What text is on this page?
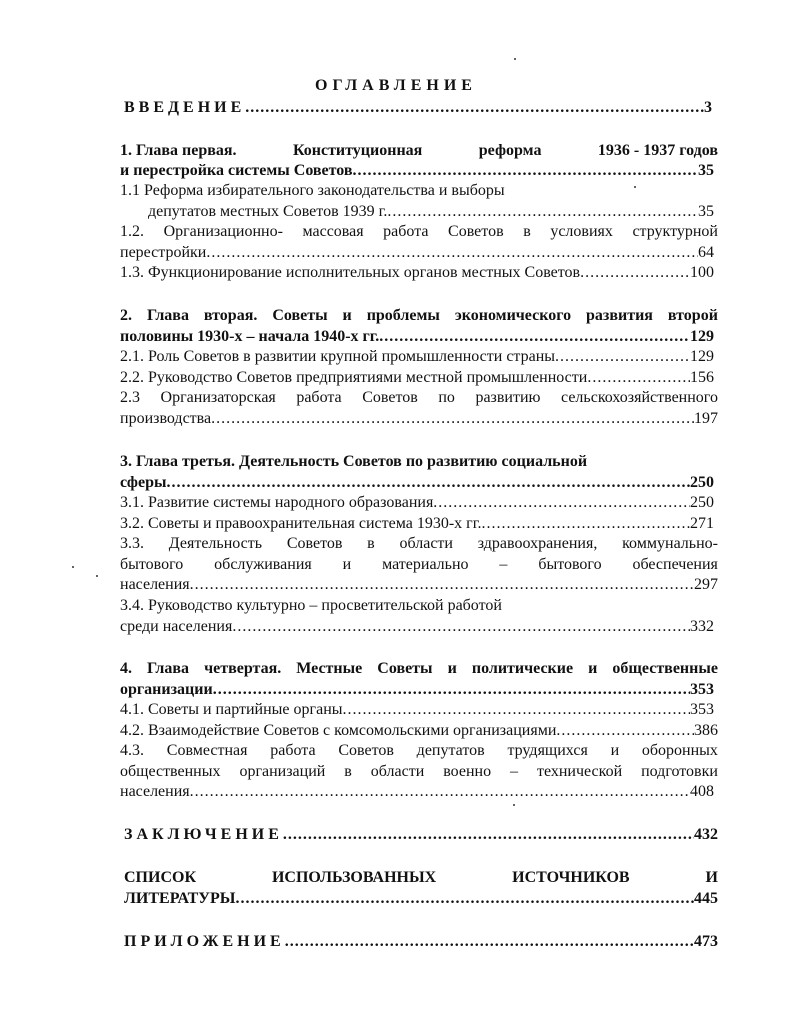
ОГЛАВЛЕНИЕ
ВВЕДЕНИЕ .....	3
1. Глава первая.	Конституционная	реформа	1936 - 1937 годов
и перестройка системы Советов .....	35
1.1 Реформа избирательного законодательства и выборы
депутатов местных Советов 1939 г. .....	35
1.2. Организационно- массовая работа Советов в условиях структурной
перестройки .....	64
1.3. Функционирование исполнительных органов местных Советов .....	100
2. Глава вторая. Советы и проблемы экономического развития второй
половины 1930-х – начала 1940-х гг. .....	129
2.1. Роль Советов в развитии крупной промышленности страны .....	129
2.2. Руководство Советов предприятиями местной промышленности .....	156
2.3 Организаторская работа Советов по развитию сельскохозяйственного
производства .....	197
3. Глава третья. Деятельность Советов по развитию социальной
сферы .....	250
3.1. Развитие системы народного образования .....	250
3.2. Советы и правоохранительная система 1930-х гг. .....	271
3.3. Деятельность Советов в области здравоохранения, коммунально-
бытового обслуживания и материально – бытового обеспечения
населения .....	297
3.4. Руководство культурно – просветительской работой
среди населения .....	332
4. Глава четвертая. Местные Советы и политические и общественные
организации .....	353
4.1. Советы и партийные органы .....	353
4.2. Взаимодействие Советов с комсомольскими организациями .....	386
4.3. Совместная работа Советов депутатов трудящихся и оборонных
общественных организаций в области военно – технической подготовки
населения .....	408
ЗАКЛЮЧЕНИЕ .....	432
СПИСОК	ИСПОЛЬЗОВАННЫХ	ИСТОЧНИКОВ	И
ЛИТЕРАТУРЫ .....	445
ПРИЛОЖЕНИЕ .....	473
